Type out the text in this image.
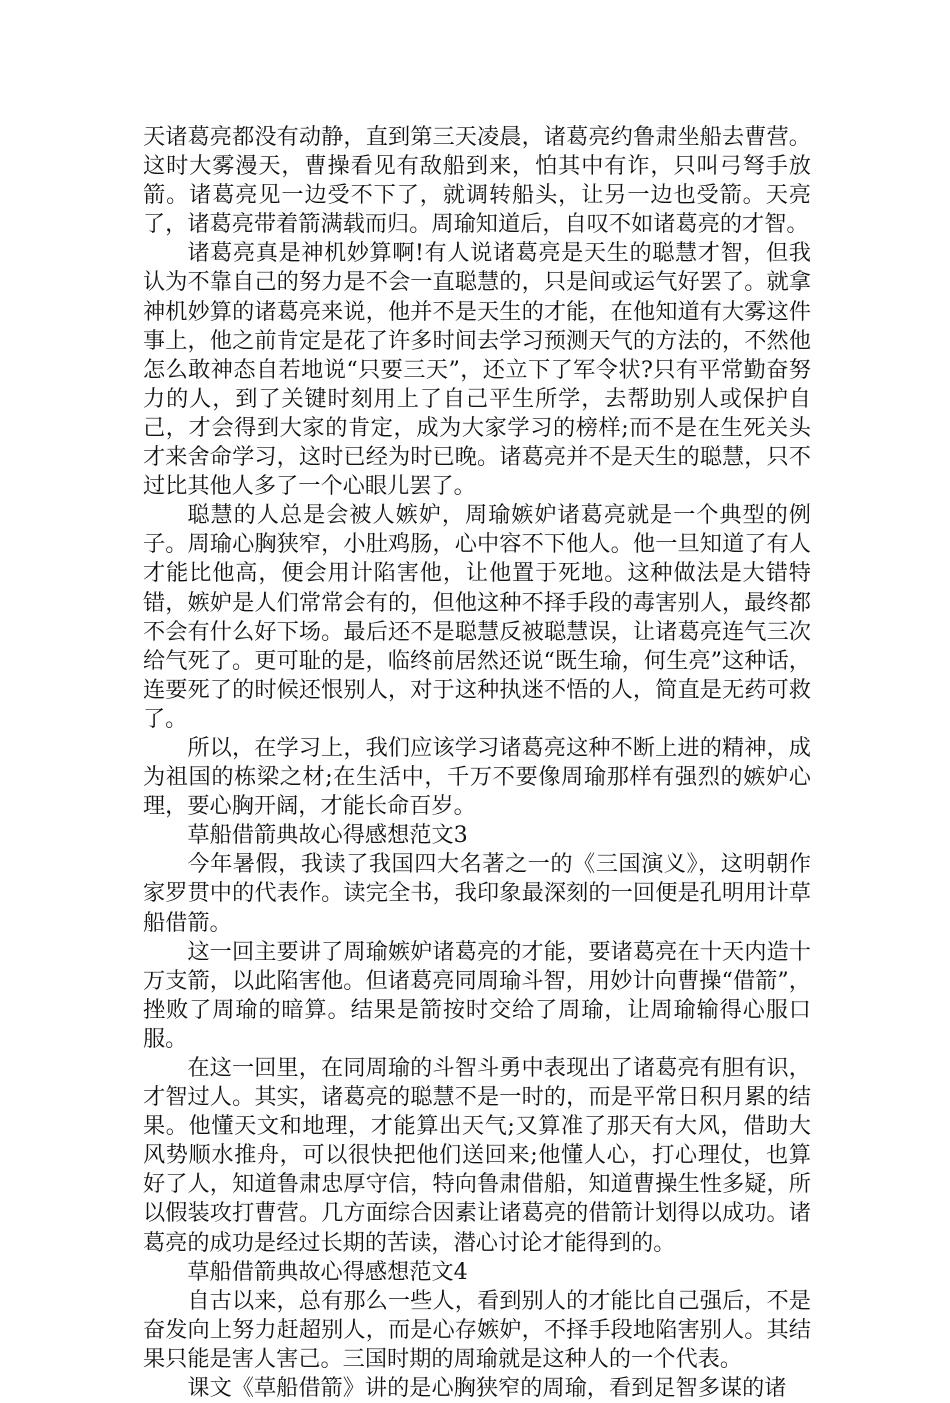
天诸葛亮都没有动静，直到第三天凌晨，诸葛亮约鲁肃坐船去曹营。这时大雾漫天，曹操看见有敌船到来，怕其中有诈，只叫弓弩手放箭。诸葛亮见一边受不下了，就调转船头，让另一边也受箭。天亮了，诸葛亮带着箭满载而归。周瑜知道后，自叹不如诸葛亮的才智。

诸葛亮真是神机妙算啊!有人说诸葛亮是天生的聪慧才智，但我认为不靠自己的努力是不会一直聪慧的，只是间或运气好罢了。就拿神机妙算的诸葛亮来说，他并不是天生的才能，在他知道有大雾这件事上，他之前肯定是花了许多时间去学习预测天气的方法的，不然他怎么敢神态自若地说“只要三天”，还立下了军令状?只有平常勤奋努力的人，到了关键时刻用上了自己平生所学，去帮助别人或保护自己，才会得到大家的肯定，成为大家学习的榜样;而不是在生死关头才来舍命学习，这时已经为时已晚。诸葛亮并不是天生的聪慧，只不过比其他人多了一个心眼儿罢了。

聪慧的人总是会被人嫉妒，周瑜嫉妒诸葛亮就是一个典型的例子。周瑜心胸狭窄，小肚鸡肠，心中容不下他人。他一旦知道了有人才能比他高，便会用计陷害他，让他置于死地。这种做法是大错特错，嫉妒是人们常常会有的，但他这种不择手段的毒害别人，最终都不会有什么好下场。最后还不是聪慧反被聪慧误，让诸葛亮连气三次给气死了。更可耻的是，临终前居然还说“既生瑜，何生亮”这种话，连要死了的时候还恨别人，对于这种执迷不悟的人，简直是无药可救了。

所以，在学习上，我们应该学习诸葛亮这种不断上进的精神，成为祖国的栋梁之材;在生活中，千万不要像周瑜那样有强烈的嫉妒心理，要心胸开阔，才能长命百岁。

草船借箭典故心得感想范文3

今年暑假，我读了我国四大名著之一的《三国演义》，这明朝作家罗贯中的代表作。读完全书，我印象最深刻的一回便是孔明用计草船借箭。

这一回主要讲了周瑜嫉妒诸葛亮的才能，要诸葛亮在十天内造十万支箭，以此陷害他。但诸葛亮同周瑜斗智，用妙计向曹操“借箭”，挫败了周瑜的暗算。结果是箭按时交给了周瑜，让周瑜输得心服口服。

在这一回里，在同周瑜的斗智斗勇中表现出了诸葛亮有胆有识，才智过人。其实，诸葛亮的聪慧不是一时的，而是平常日积月累的结果。他懂天文和地理，才能算出天气;又算准了那天有大风，借助大风势顺水推舟，可以很快把他们送回来;他懂人心，打心理仗，也算好了人，知道鲁肃忠厚守信，特向鲁肃借船，知道曹操生性多疑，所以假装攻打曹营。几方面综合因素让诸葛亮的借箭计划得以成功。诸葛亮的成功是经过长期的苦读，潜心讨论才能得到的。

草船借箭典故心得感想范文4

自古以来，总有那么一些人，看到别人的才能比自己强后，不是奋发向上努力赶超别人，而是心存嫉妒，不择手段地陷害别人。其结果只能是害人害己。三国时期的周瑜就是这种人的一个代表。

课文《草船借箭》讲的是心胸狭窄的周瑜，看到足智多谋的诸
